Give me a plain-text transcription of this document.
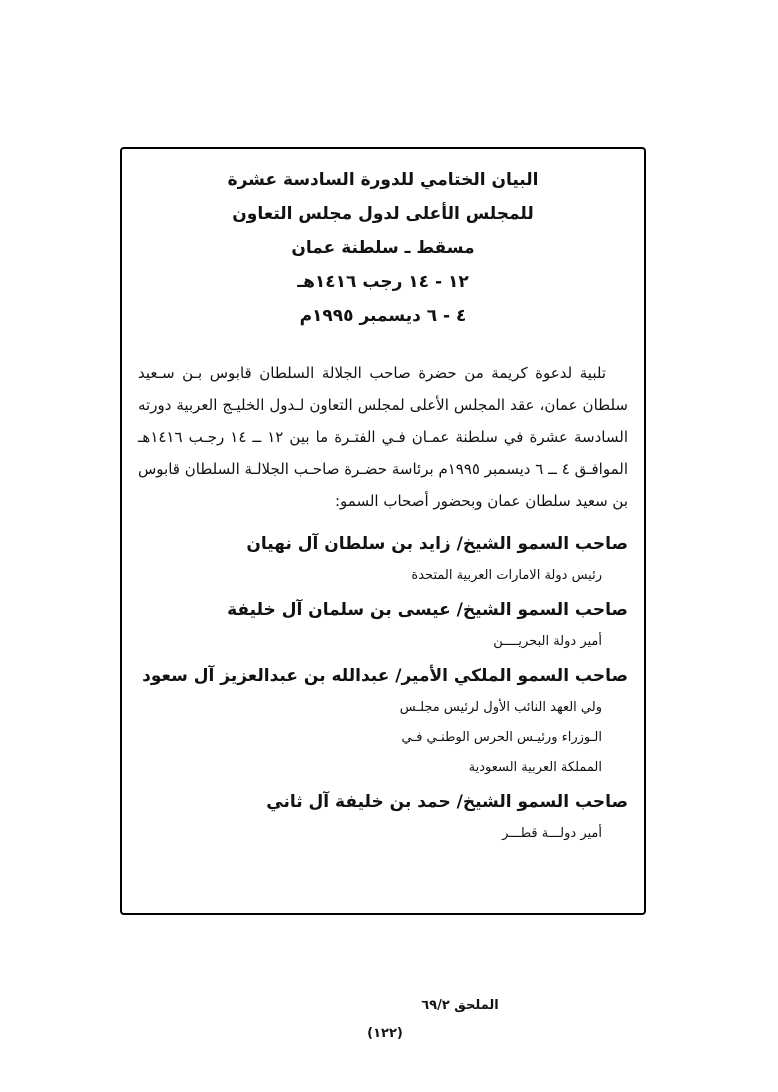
البيان الختامي للدورة السادسة عشرة
للمجلس الأعلى لدول مجلس التعاون
مسقط ـ سلطنة عمان
١٢ - ١٤ رجب ١٤١٦هـ
٤ - ٦ ديسمبر ١٩٩٥م

تلبية لدعوة كريمة من حضرة صاحب الجلالة السلطان قابوس بـن سـعيد سلطان عمان، عقد المجلس الأعلى لمجلس التعاون لـدول الخليـج العربية دورته السادسة عشرة في سلطنة عمـان فـي الفتـرة ما بين ١٢ ــ ١٤ رجـب ١٤١٦هـ الموافـق ٤ ــ ٦ ديسمبر ١٩٩٥م برئاسة حضـرة صاحـب الجلالـة السلطان قابوس بن سعيد سلطان عمان وبحضور أصحاب السمو:

صاحب السمو الشيخ/ زايد بن سلطان آل نهيان
رئيس دولة الامارات العربية المتحدة
صاحب السمو الشيخ/ عيسى بن سلمان آل خليفة
أمير دولة البحريــــن
صاحب السمو الملكي الأمير/ عبدالله بن عبدالعزيز آل سعود
ولي العهد النائب الأول لرئيس مجلـس
الـوزراء ورئيـس الحرس الوطنـي فـي
المملكة العربية السعودية
صاحب السمو الشيخ/ حمد بن خليفة آل ثاني
أمير دولـــة قطـــر
الملحق ٦٩/٢
(١٢٢)
